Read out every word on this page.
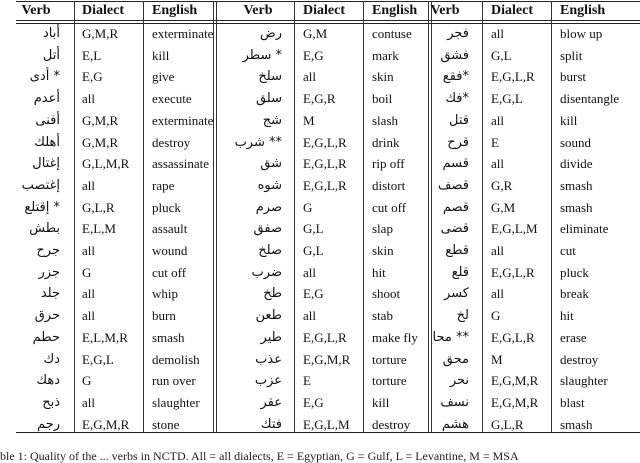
Verb	Dialect	English
أباد G,M,R	exterminate
أتل E,L	kill
* أدى E,G	give
أعدم all	execute
أفنى G,M,R	exterminate
أهلك G,M,R	destroy
إغتال G,L,M,R	assassinate
إغتصب all	rape
* إقتلع G,L,R	pluck
بطش E,L,M	assault
جرح all	wound
جزر G	cut off
جلد all	whip
حرق all	burn
حطم E,L,M,R	smash
دك E,G,L	demolish
دهك G	run over
ذبح all	slaughter
رجم E,G,M,R	stone
Verb	Dialect	English
رض G,M	contuse
* سطر E,G	mark
سلخ all	skin
سلق E,G,R	boil
شج M	slash
** شرب E,G,L,R	drink
شق E,G,L,R	rip off
شوه E,G,L,R	distort
صرم G	cut off
صفق G,L	slap
صلخ G,L	skin
ضرب all	hit
طخ E,G	shoot
طعن all	stab
طير E,G,L,R	make fly
عذب E,G,M,R	torture
عزب E	torture
عقر E,G	kill
فتك E,G,L,M	destroy
Verb	Dialect	English
فجر all	blow up
فشق G,L	split
*فقع E,G,L,R	burst
*فك E,G,L	disentangle
قتل all	kill
قرح E	sound
قسم all	divide
قصف G,R	smash
قصم G,M	smash
قضى E,G,L,M	eliminate
قطع all	cut
قلع E,G,L,R	pluck
كسر all	break
لخ G	hit
** محا E,G,L,R	erase
محق M	destroy
نحر E,G,M,R	slaughter
نسف E,G,M,R	blast
هشم G,L,R	smash
ble 1: Quality of the ... verbs in NCTD. All = all dialects, E = Egyptian, G = Gulf, L = Levantine, M = MSA
